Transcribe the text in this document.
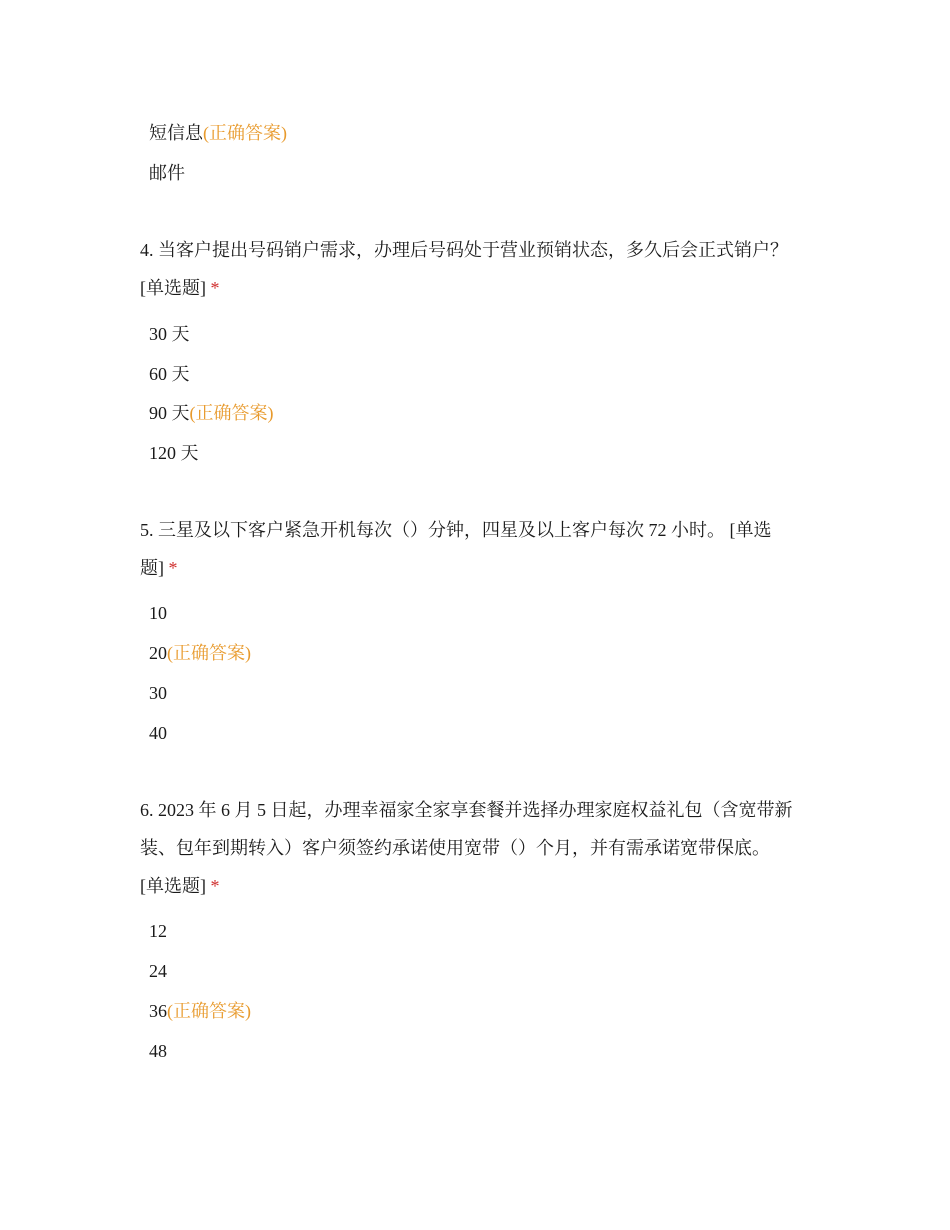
短信息(正确答案)
邮件
4. 当客户提出号码销户需求，办理后号码处于营业预销状态，多久后会正式销户？
[单选题] *
30 天
60 天
90 天(正确答案)
120 天
5. 三星及以下客户紧急开机每次（）分钟，四星及以上客户每次 72 小时。 [单选
题] *
10
20(正确答案)
30
40
6. 2023 年 6 月 5 日起，办理幸福家全家享套餐并选择办理家庭权益礼包（含宽带新
装、包年到期转入）客户须签约承诺使用宽带（）个月，并有需承诺宽带保底。
[单选题] *
12
24
36(正确答案)
48
